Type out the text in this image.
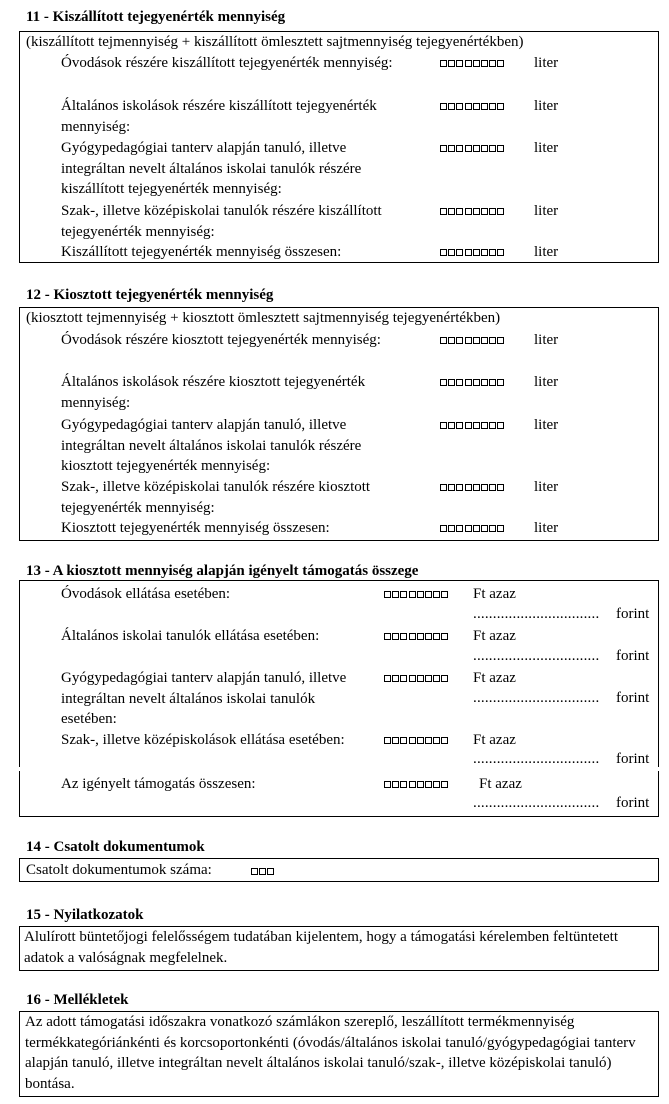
11 - Kiszállított tejegyenérték mennyiség
(kiszállított tejmennyiség + kiszállított ömlesztett sajtmennyiség tejegyenértékben)
Óvodások részére kiszállított tejegyenérték mennyiség:
Általános iskolások részére kiszállított tejegyenérték mennyiség:
Gyógypedagógiai tanterv alapján tanuló, illetve integráltan nevelt általános iskolai tanulók részére kiszállított tejegyenérték mennyiség:
Szak-, illetve középiskolai tanulók részére kiszállított tejegyenérték mennyiség:
Kiszállított tejegyenérték mennyiség összesen:
liter
liter
liter
liter
liter
12 - Kiosztott tejegyenérték mennyiség
(kiosztott tejmennyiség + kiosztott ömlesztett sajtmennyiség tejegyenértékben)
Óvodások részére kiosztott tejegyenérték mennyiség:
Általános iskolások részére kiosztott tejegyenérték mennyiség:
Gyógypedagógiai tanterv alapján tanuló, illetve integráltan nevelt általános iskolai tanulók részére kiosztott tejegyenérték mennyiség:
Szak-, illetve középiskolai tanulók részére kiosztott tejegyenérték mennyiség:
Kiosztott tejegyenérték mennyiség összesen:
liter
liter
liter
liter
liter
13 - A kiosztott mennyiség alapján igényelt támogatás összege
Óvodások ellátása esetében:
Általános iskolai tanulók ellátása esetében:
Gyógypedagógiai tanterv alapján tanuló, illetve integráltan nevelt általános iskolai tanulók esetében:
Szak-, illetve középiskolások ellátása esetében:
Ft azaz
................................ forint
Ft azaz
................................ forint
Ft azaz
................................ forint
Ft azaz
................................ forint
Az igényelt támogatás összesen:	Ft azaz
................................ forint
14 - Csatolt dokumentumok
Csatolt dokumentumok száma:
15 - Nyilatkozatok
Alulírott büntetőjogi felelősségem tudatában kijelentem, hogy a támogatási kérelemben feltüntetett adatok a valóságnak megfelelnek.
16 - Mellékletek
Az adott támogatási időszakra vonatkozó számlákon szereplő, leszállított termékmennyiség termékkategóriánkénti és korcsoportonkénti (óvodás/általános iskolai tanuló/gyógypedagógiai tanterv alapján tanuló, illetve integráltan nevelt általános iskolai tanuló/szak-, illetve középiskolai tanuló) bontása.
